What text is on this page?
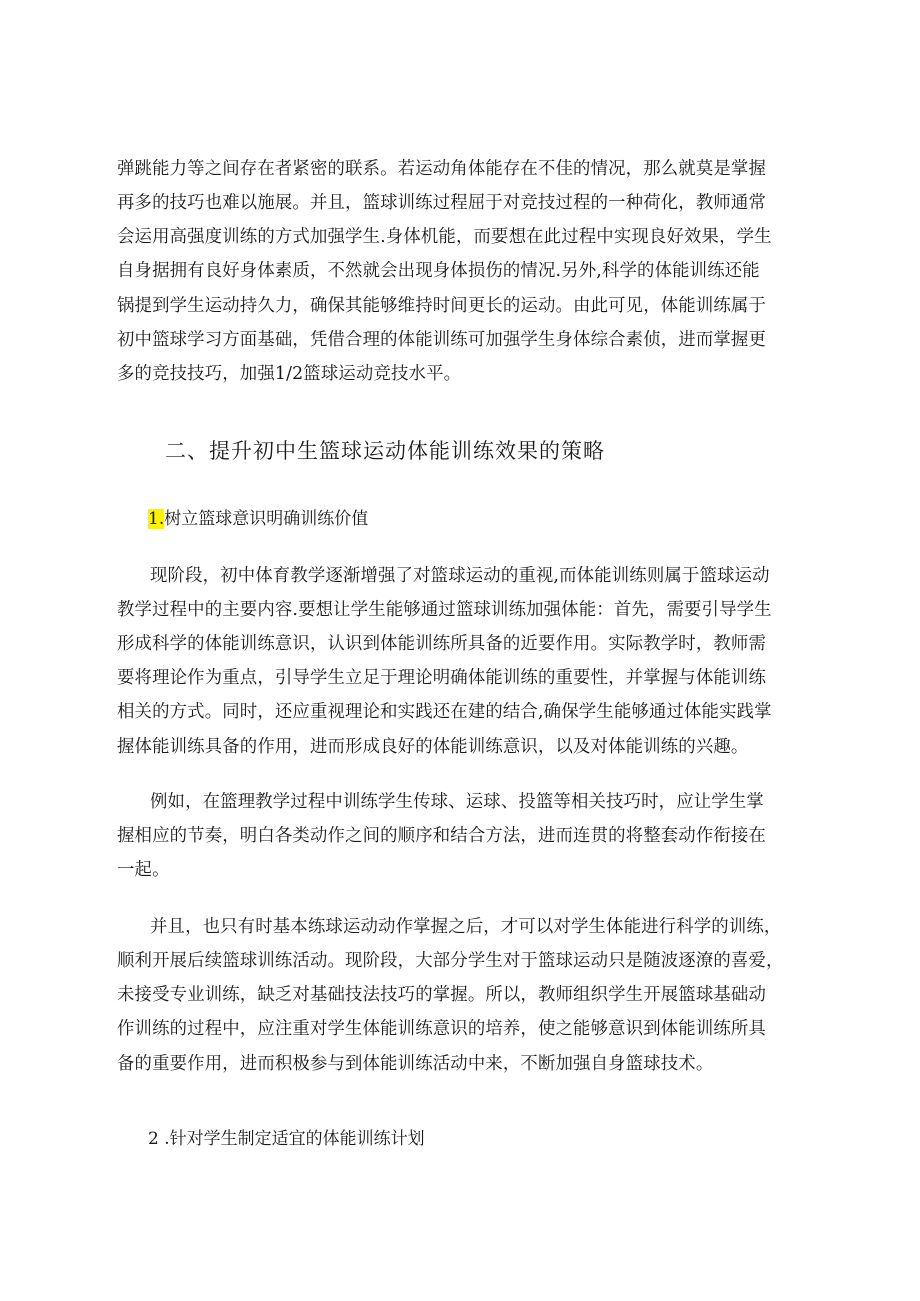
弹跳能力等之间存在者紧密的联系。若运动角体能存在不佳的情况，那么就莫是掌握
再多的技巧也难以施展。并且，篮球训练过程屈于对竞技过程的一种荷化，教师通常
会运用高强度训练的方式加强学生.身体机能，而要想在此过程中实现良好效果，学生
自身据拥有良好身体素质，不然就会出现身体损伤的情况.另外,科学的体能训练还能
锅提到学生运动持久力，确保其能够维持时间更长的运动。由此可见，体能训练属于
初中篮球学习方面基础，凭借合理的体能训练可加强学生身体综合素侦，进而掌握更
多的竞技技巧，加强1/2篮球运动竞技水平。
二、提升初中生篮球运动体能训练效果的策略
1.树立篮球意识明确训练价值
现阶段，初中体育教学逐渐增强了对篮球运动的重视,而体能训练则属于篮球运动
教学过程中的主要内容.要想让学生能够通过篮球训练加强体能：首先，需要引导学生
形成科学的体能训练意识，认识到体能训练所具备的近要作用。实际教学时，教师需
要将理论作为重点，引导学生立足于理论明确体能训练的重要性，并掌握与体能训练
相关的方式。同时，还应重视理论和实践还在建的结合,确保学生能够通过体能实践掌
握体能训练具备的作用，进而形成良好的体能训练意识，以及对体能训练的兴趣。
例如，在篮理教学过程中训练学生传球、运球、投篮等相关技巧时，应让学生掌
握相应的节奏，明白各类动作之间的顺序和结合方法，进而连贯的将整套动作衔接在
一起。
并且，也只有时基本练球运动动作掌握之后，才可以对学生体能进行科学的训练，
顺利开展后续篮球训练活动。现阶段，大部分学生对于篮球运动只是随波逐潦的喜爱，
未接受专业训练，缺乏对基础技法技巧的掌握。所以，教师组织学生开展篮球基础动
作训练的过程中，应注重对学生体能训练意识的培养，使之能够意识到体能训练所具
备的重要作用，进而积极参与到体能训练活动中来，不断加强自身篮球技术。
2 .针对学生制定适宜的体能训练计划
